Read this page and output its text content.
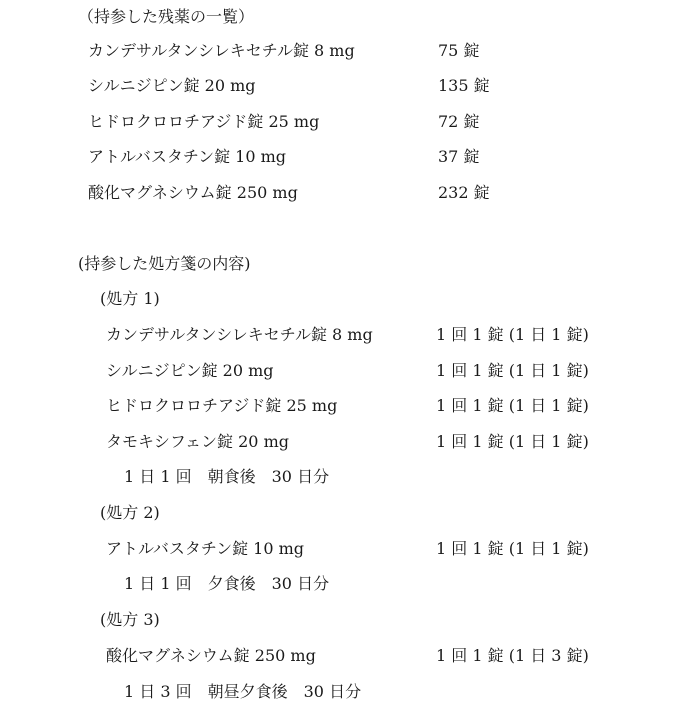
（持参した残薬の一覧）
カンデサルタンシレキセチル錠 8 mg	75 錠
シルニジピン錠 20 mg	135 錠
ヒドロクロロチアジド錠 25 mg	72 錠
アトルバスタチン錠 10 mg	37 錠
酸化マグネシウム錠 250 mg	232 錠
(持参した処方箋の内容)
(処方 1)
カンデサルタンシレキセチル錠 8 mg	1 回 1 錠 (1 日 1 錠)
シルニジピン錠 20 mg	1 回 1 錠 (1 日 1 錠)
ヒドロクロロチアジド錠 25 mg	1 回 1 錠 (1 日 1 錠)
タモキシフェン錠 20 mg	1 回 1 錠 (1 日 1 錠)
1 日 1 回　朝食後　30 日分
(処方 2)
アトルバスタチン錠 10 mg	1 回 1 錠 (1 日 1 錠)
1 日 1 回　夕食後　30 日分
(処方 3)
酸化マグネシウム錠 250 mg	1 回 1 錠 (1 日 3 錠)
1 日 3 回　朝昼夕食後　30 日分
